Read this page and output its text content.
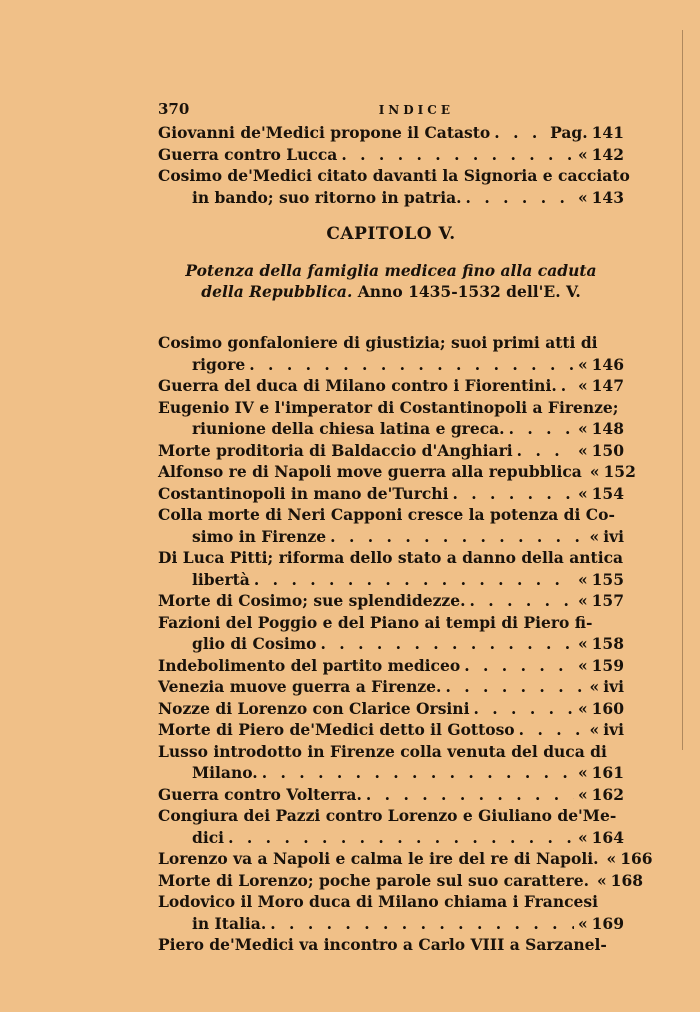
370	INDICE
Giovanni de'Medici propone il Catasto . . .	Pag. 141
Guerra contro Lucca . . .	« 142
Cosimo de'Medici citato davanti la Signoria e cacciato
in bando; suo ritorno in patria. . . .	« 143
CAPITOLO V.
Potenza della famiglia medicea fino alla caduta
della Repubblica. Anno 1435-1532 dell'E. V.
Cosimo gonfaloniere di giustizia; suoi primi atti di
rigore . . .	« 146
Guerra del duca di Milano contro i Fiorentini. . . . « 147
Eugenio IV e l'imperator di Costantinopoli a Firenze;
riunione della chiesa latina e greca. . . .	« 148
Morte proditoria di Baldaccio d'Anghiari . . .	« 150
Alfonso re di Napoli move guerra alla repubblica « 152
Costantinopoli in mano de'Turchi . . .	« 154
Colla morte di Neri Capponi cresce la potenza di Co-
simo in Firenze . . .	« ivi
Di Luca Pitti; riforma dello stato a danno della antica
libertà . . .	« 155
Morte di Cosimo; sue splendidezze. . . .	« 157
Fazioni del Poggio e del Piano ai tempi di Piero fi-
glio di Cosimo . . .	« 158
Indebolimento del partito mediceo . . .	« 159
Venezia muove guerra a Firenze. . . .	« ivi
Nozze di Lorenzo con Clarice Orsini . . .	« 160
Morte di Piero de'Medici detto il Gottoso . . .	« ivi
Lusso introdotto in Firenze colla venuta del duca di
Milano. . . .	« 161
Guerra contro Volterra. . . .	« 162
Congiura dei Pazzi contro Lorenzo e Giuliano de'Me-
dici . . .	« 164
Lorenzo va a Napoli e calma le ire del re di Napoli. « 166
Morte di Lorenzo; poche parole sul suo carattere. « 168
Lodovico il Moro duca di Milano chiama i Francesi
in Italia. . . .	« 169
Piero de'Medici va incontro a Carlo VIII a Sarzanel-
